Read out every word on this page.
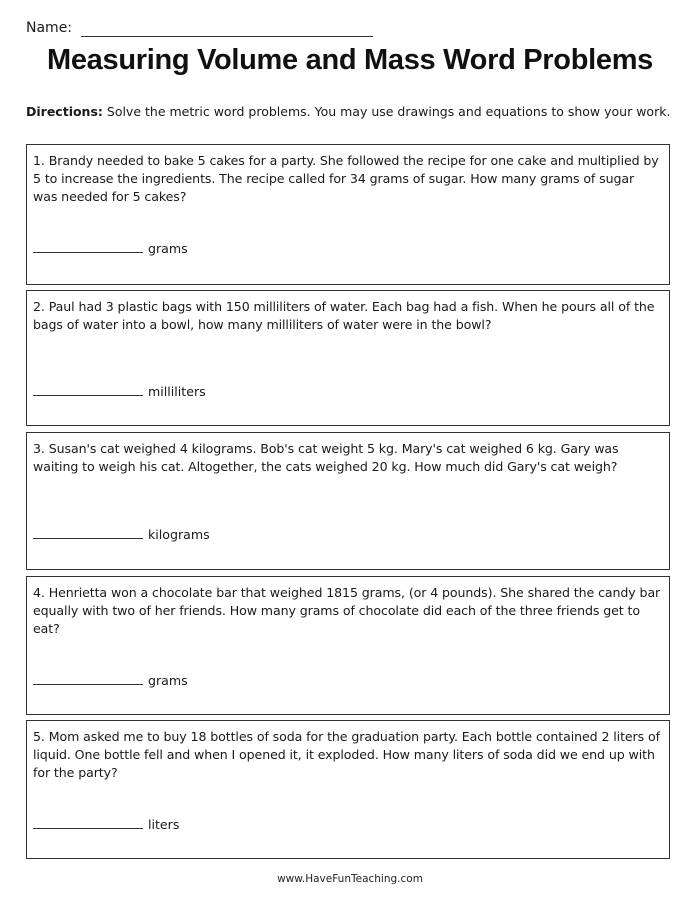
Name:
Measuring Volume and Mass Word Problems
Directions: Solve the metric word problems. You may use drawings and equations to show your work.
1. Brandy needed to bake 5 cakes for a party. She followed the recipe for one cake and multiplied by 5 to increase the ingredients. The recipe called for 34 grams of sugar. How many grams of sugar was needed for 5 cakes?
grams
2. Paul had 3 plastic bags with 150 milliliters of water. Each bag had a fish. When he pours all of the bags of water into a bowl, how many milliliters of water were in the bowl?
milliliters
3. Susan's cat weighed 4 kilograms. Bob's cat weight 5 kg. Mary's cat weighed 6 kg. Gary was waiting to weigh his cat. Altogether, the cats weighed 20 kg. How much did Gary's cat weigh?
kilograms
4. Henrietta won a chocolate bar that weighed 1815 grams, (or 4 pounds). She shared the candy bar equally with two of her friends. How many grams of chocolate did each of the three friends get to eat?
grams
5. Mom asked me to buy 18 bottles of soda for the graduation party. Each bottle contained 2 liters of liquid. One bottle fell and when I opened it, it exploded. How many liters of soda did we end up with for the party?
liters
www.HaveFunTeaching.com
